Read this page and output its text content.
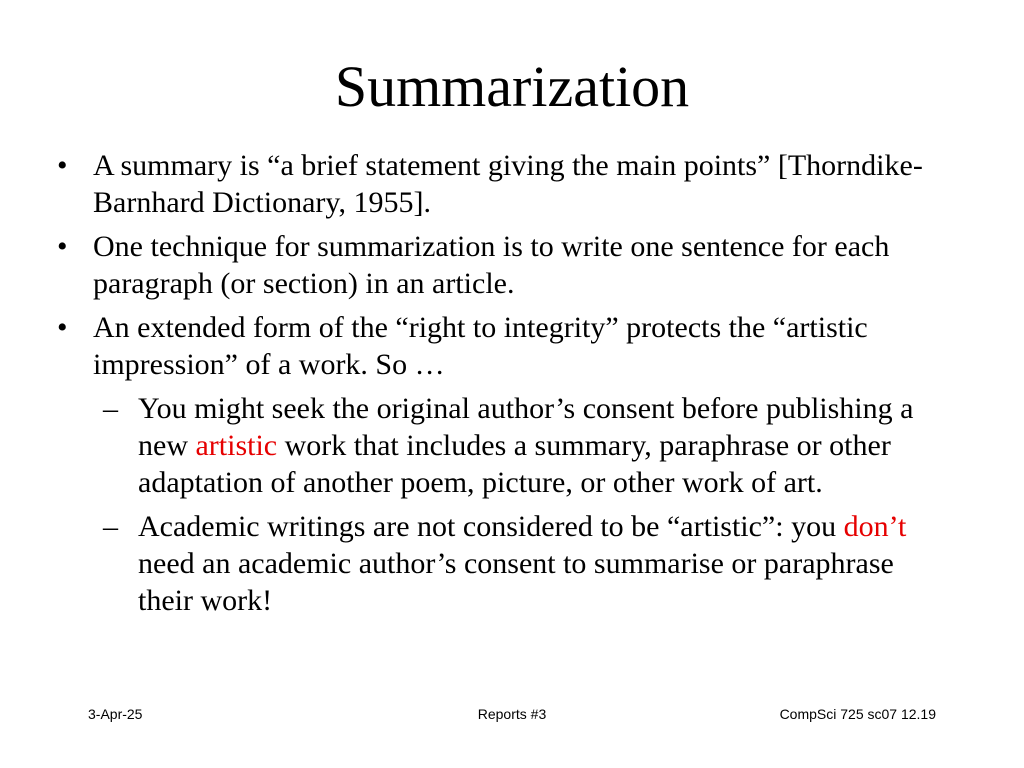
Summarization
• A summary is “a brief statement giving the main points” [Thorndike-Barnhard Dictionary, 1955].
• One technique for summarization is to write one sentence for each paragraph (or section) in an article.
• An extended form of the “right to integrity” protects the “artistic impression” of a work. So …
– You might seek the original author’s consent before publishing a new artistic work that includes a summary, paraphrase or other adaptation of another poem, picture, or other work of art.
– Academic writings are not considered to be “artistic”: you don’t need an academic author’s consent to summarise or paraphrase their work!
3-Apr-25	Reports #3	CompSci 725 sc07 12.19
